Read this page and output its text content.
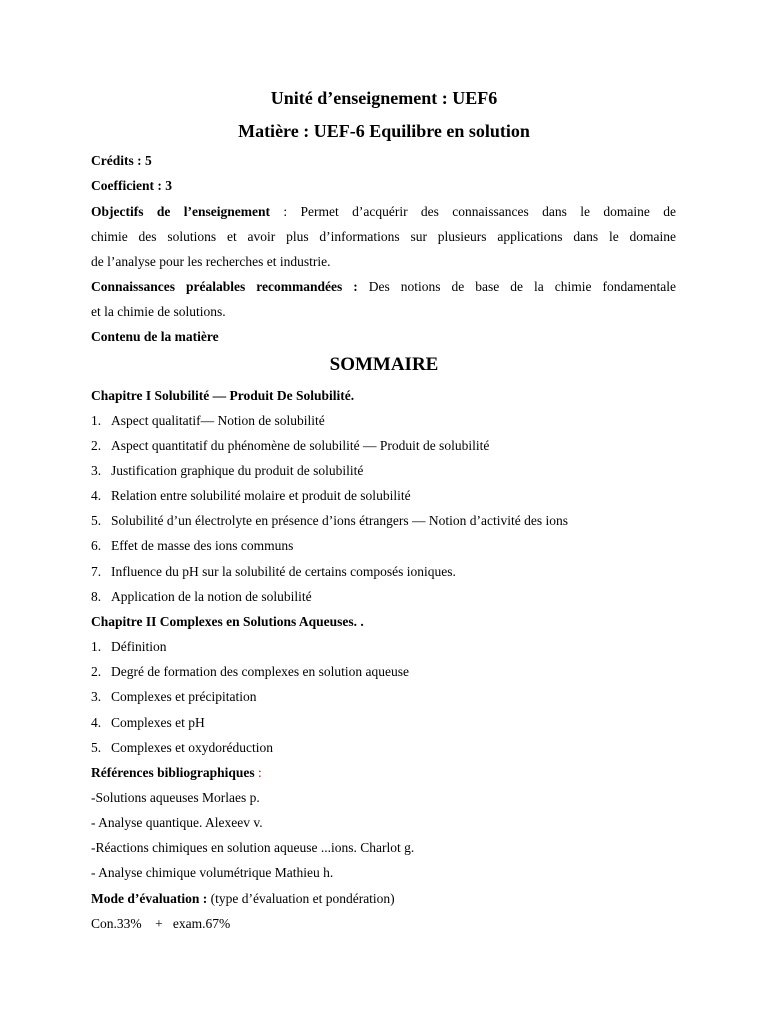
Unité d’enseignement : UEF6
Matière : UEF-6 Equilibre en solution
Crédits : 5
Coefficient : 3
Objectifs de l’enseignement : Permet d’acquérir des connaissances dans le domaine de
chimie des solutions et avoir plus d’informations sur plusieurs applications dans le domaine
de l’analyse pour les recherches et industrie.
Connaissances préalables recommandées : Des notions de base de la chimie fondamentale
et la chimie de solutions.
Contenu de la matière
SOMMAIRE
Chapitre I Solubilité — Produit De Solubilité.
1. Aspect qualitatif— Notion de solubilité
2. Aspect quantitatif du phénomène de solubilité — Produit de solubilité
3. Justification graphique du produit de solubilité
4. Relation entre solubilité molaire et produit de solubilité
5. Solubilité d’un électrolyte en présence d’ions étrangers — Notion d’activité des ions
6. Effet de masse des ions communs
7. Influence du pH sur la solubilité de certains composés ioniques.
8. Application de la notion de solubilité
Chapitre II Complexes en Solutions Aqueuses. .
1. Définition
2. Degré de formation des complexes en solution aqueuse
3. Complexes et précipitation
4. Complexes et pH
5. Complexes et oxydoréduction
Références bibliographiques :
-Solutions aqueuses Morlaes p.
- Analyse quantique. Alexeev v.
-Réactions chimiques en solution aqueuse ...ions. Charlot g.
- Analyse chimique volumétrique Mathieu h.
Mode d’évaluation : (type d’évaluation et pondération)
Con.33%    +   exam.67%
